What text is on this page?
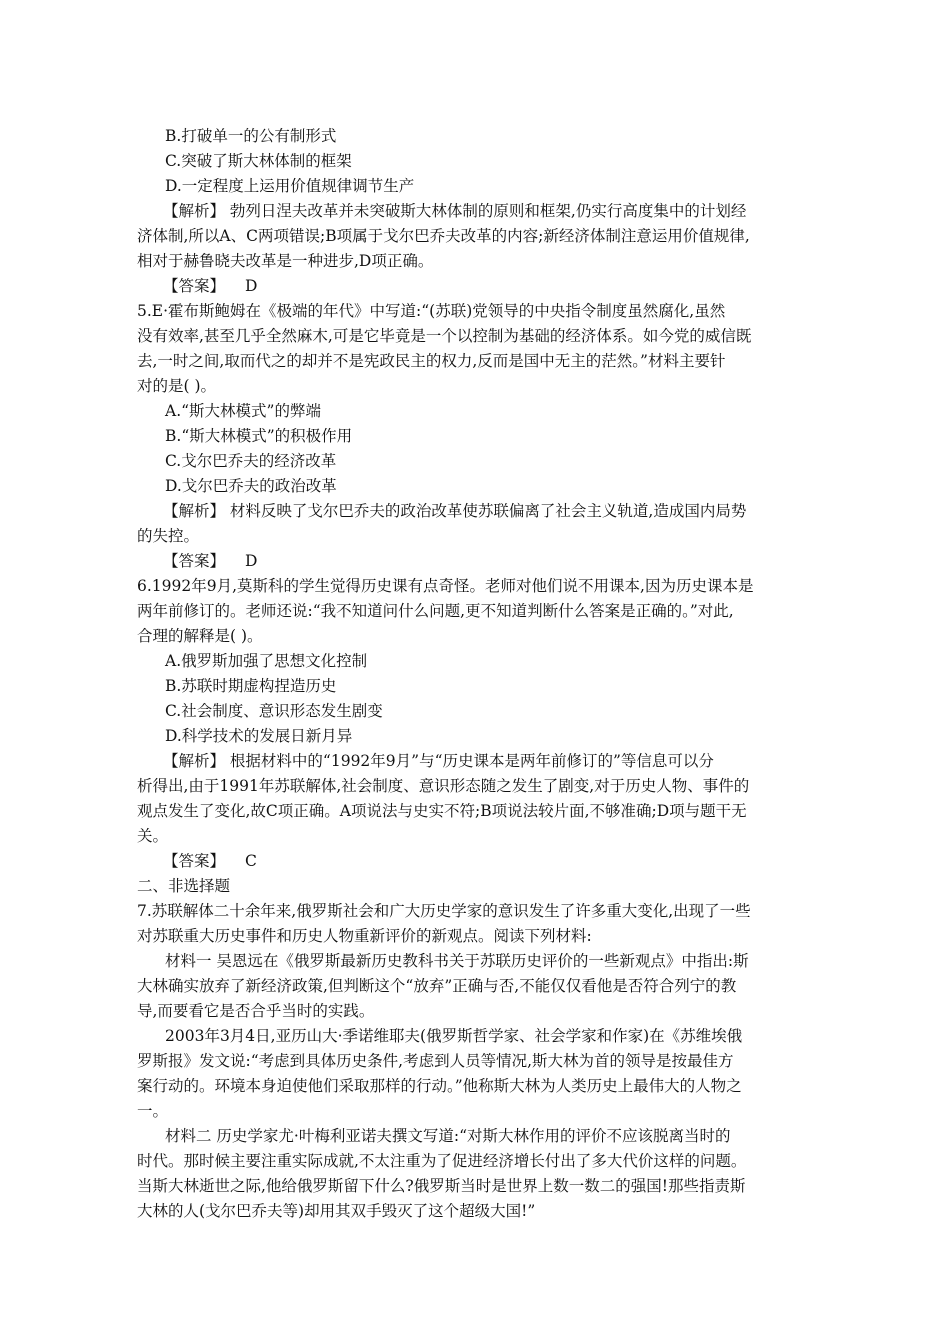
B.打破单一的公有制形式
C.突破了斯大林体制的框架
D.一定程度上运用价值规律调节生产
【解析】 勃列日涅夫改革并未突破斯大林体制的原则和框架,仍实行高度集中的计划经
济体制,所以A、C两项错误;B项属于戈尔巴乔夫改革的内容;新经济体制注意运用价值规律,
相对于赫鲁晓夫改革是一种进步,D项正确。
【答案】 D
5.E·霍布斯鲍姆在《极端的年代》中写道:“(苏联)党领导的中央指令制度虽然腐化,虽然
没有效率,甚至几乎全然麻木,可是它毕竟是一个以控制为基础的经济体系。如今党的威信既
去,一时之间,取而代之的却并不是宪政民主的权力,反而是国中无主的茫然。”材料主要针
对的是( )。
A.“斯大林模式”的弊端
B.“斯大林模式”的积极作用
C.戈尔巴乔夫的经济改革
D.戈尔巴乔夫的政治改革
【解析】 材料反映了戈尔巴乔夫的政治改革使苏联偏离了社会主义轨道,造成国内局势
的失控。
【答案】 D
6.1992年9月,莫斯科的学生觉得历史课有点奇怪。老师对他们说不用课本,因为历史课本是
两年前修订的。老师还说:“我不知道问什么问题,更不知道判断什么答案是正确的。”对此,
合理的解释是( )。
A.俄罗斯加强了思想文化控制
B.苏联时期虚构捏造历史
C.社会制度、意识形态发生剧变
D.科学技术的发展日新月异
【解析】 根据材料中的“1992年9月”与“历史课本是两年前修订的”等信息可以分
析得出,由于1991年苏联解体,社会制度、意识形态随之发生了剧变,对于历史人物、事件的
观点发生了变化,故C项正确。A项说法与史实不符;B项说法较片面,不够准确;D项与题干无
关。
【答案】 C
二、非选择题
7.苏联解体二十余年来,俄罗斯社会和广大历史学家的意识发生了许多重大变化,出现了一些
对苏联重大历史事件和历史人物重新评价的新观点。阅读下列材料:
材料一 吴恩远在《俄罗斯最新历史教科书关于苏联历史评价的一些新观点》中指出:斯
大林确实放弃了新经济政策,但判断这个“放弃”正确与否,不能仅仅看他是否符合列宁的教
导,而要看它是否合乎当时的实践。
2003年3月4日,亚历山大·季诺维耶夫(俄罗斯哲学家、社会学家和作家)在《苏维埃俄
罗斯报》发文说:“考虑到具体历史条件,考虑到人员等情况,斯大林为首的领导是按最佳方
案行动的。环境本身迫使他们采取那样的行动。”他称斯大林为人类历史上最伟大的人物之
一。
材料二 历史学家尤·叶梅利亚诺夫撰文写道:“对斯大林作用的评价不应该脱离当时的
时代。那时候主要注重实际成就,不太注重为了促进经济增长付出了多大代价这样的问题。
当斯大林逝世之际,他给俄罗斯留下什么?俄罗斯当时是世界上数一数二的强国!那些指责斯
大林的人(戈尔巴乔夫等)却用其双手毁灭了这个超级大国!”
